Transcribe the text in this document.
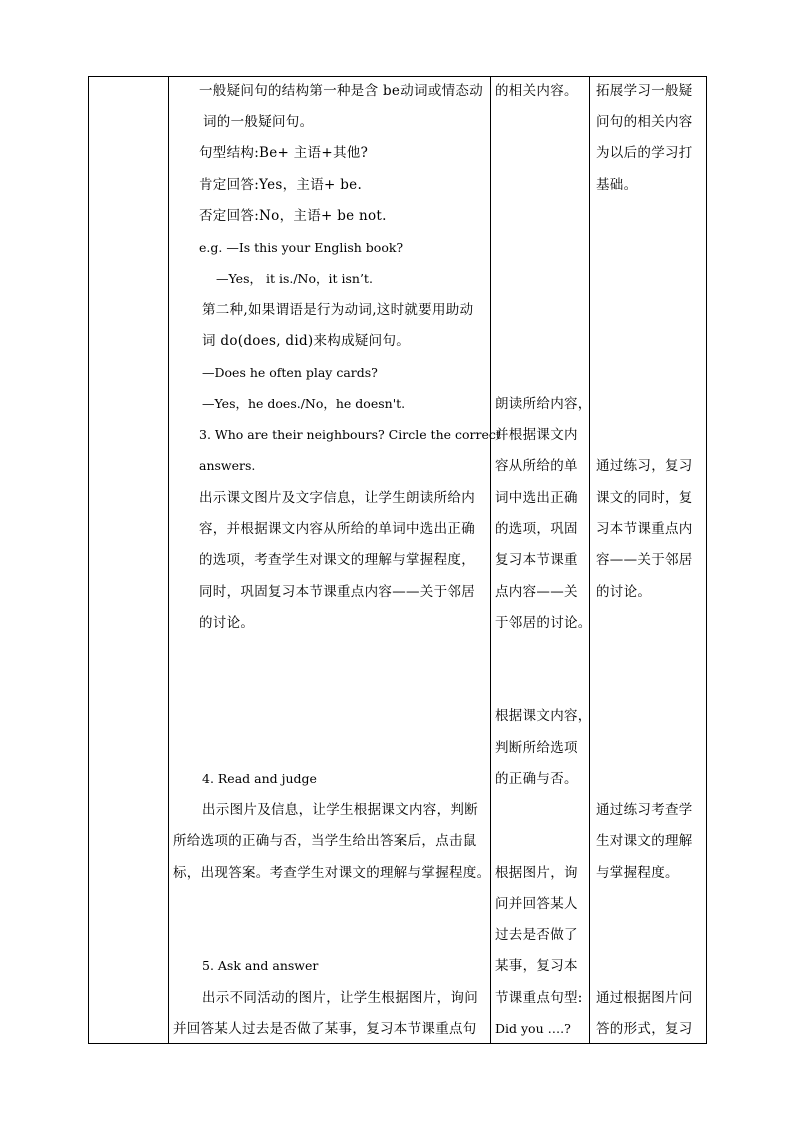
一般疑问句的结构第一种是含 be动词或情态动
词的一般疑问句。
句型结构:Be+ 主语+其他?
肯定回答:Yes，主语+ be.
否定回答:No，主语+ be not.
e.g. —Is this your English book?
—Yes， it is./No，it isn’t.
第二种,如果谓语是行为动词,这时就要用助动
词 do(does, did)来构成疑问句。
—Does he often play cards?
—Yes，he does./No，he doesn't.
3. Who are their neighbours? Circle the correct
answers.
出示课文图片及文字信息，让学生朗读所给内
容，并根据课文内容从所给的单词中选出正确
的选项，考查学生对课文的理解与掌握程度，
同时，巩固复习本节课重点内容——关于邻居
的讨论。
4. Read and judge
出示图片及信息，让学生根据课文内容，判断
所给选项的正确与否，当学生给出答案后，点击鼠
标，出现答案。考查学生对课文的理解与掌握程度。
5. Ask and answer
出示不同活动的图片，让学生根据图片，询问
并回答某人过去是否做了某事，复习本节课重点句
的相关内容。
朗读所给内容，
并根据课文内
容从所给的单
词中选出正确
的选项，巩固
复习本节课重
点内容——关
于邻居的讨论。
根据课文内容，
判断所给选项
的正确与否。
根据图片，询
问并回答某人
过去是否做了
某事，复习本
节课重点句型:
Did you ….?
拓展学习一般疑
问句的相关内容
为以后的学习打
基础。
通过练习，复习
课文的同时，复
习本节课重点内
容——关于邻居
的讨论。
通过练习考查学
生对课文的理解
与掌握程度。
通过根据图片问
答的形式，复习
